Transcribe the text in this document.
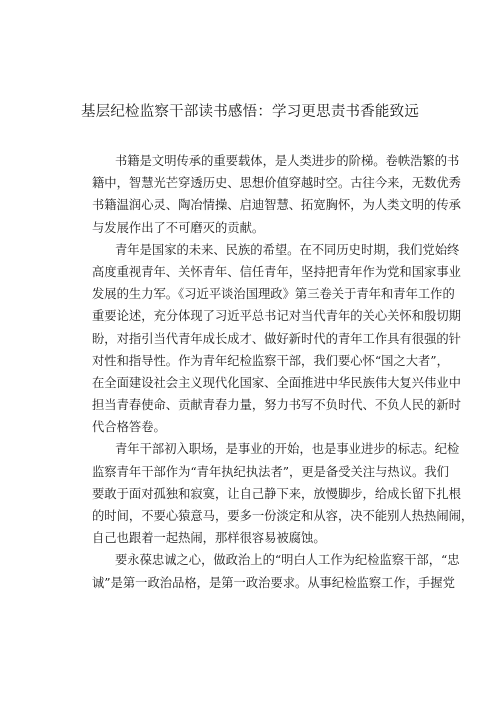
基层纪检监察干部读书感悟：学习更思责书香能致远
书籍是文明传承的重要载体，是人类进步的阶梯。卷帙浩繁的书
籍中，智慧光芒穿透历史、思想价值穿越时空。古往今来，无数优秀
书籍温润心灵、陶冶情操、启迪智慧、拓宽胸怀，为人类文明的传承
与发展作出了不可磨灭的贡献。
青年是国家的未来、民族的希望。在不同历史时期，我们党始终
高度重视青年、关怀青年、信任青年，坚持把青年作为党和国家事业
发展的生力军。《习近平谈治国理政》第三卷关于青年和青年工作的
重要论述，充分体现了习近平总书记对当代青年的关心关怀和殷切期
盼，对指引当代青年成长成才、做好新时代的青年工作具有很强的针
对性和指导性。作为青年纪检监察干部，我们要心怀“国之大者”，
在全面建设社会主义现代化国家、全面推进中华民族伟大复兴伟业中
担当青春使命、贡献青春力量，努力书写不负时代、不负人民的新时
代合格答卷。
青年干部初入职场，是事业的开始，也是事业进步的标志。纪检
监察青年干部作为“青年执纪执法者”，更是备受关注与热议。我们
要敢于面对孤独和寂寞，让自己静下来，放慢脚步，给成长留下扎根
的时间，不要心猿意马，要多一份淡定和从容，决不能别人热热闹闹，
自己也跟着一起热闹，那样很容易被腐蚀。
要永葆忠诚之心，做政治上的“明白人工作为纪检监察干部，“忠
诚”是第一政治品格，是第一政治要求。从事纪检监察工作，手握党
